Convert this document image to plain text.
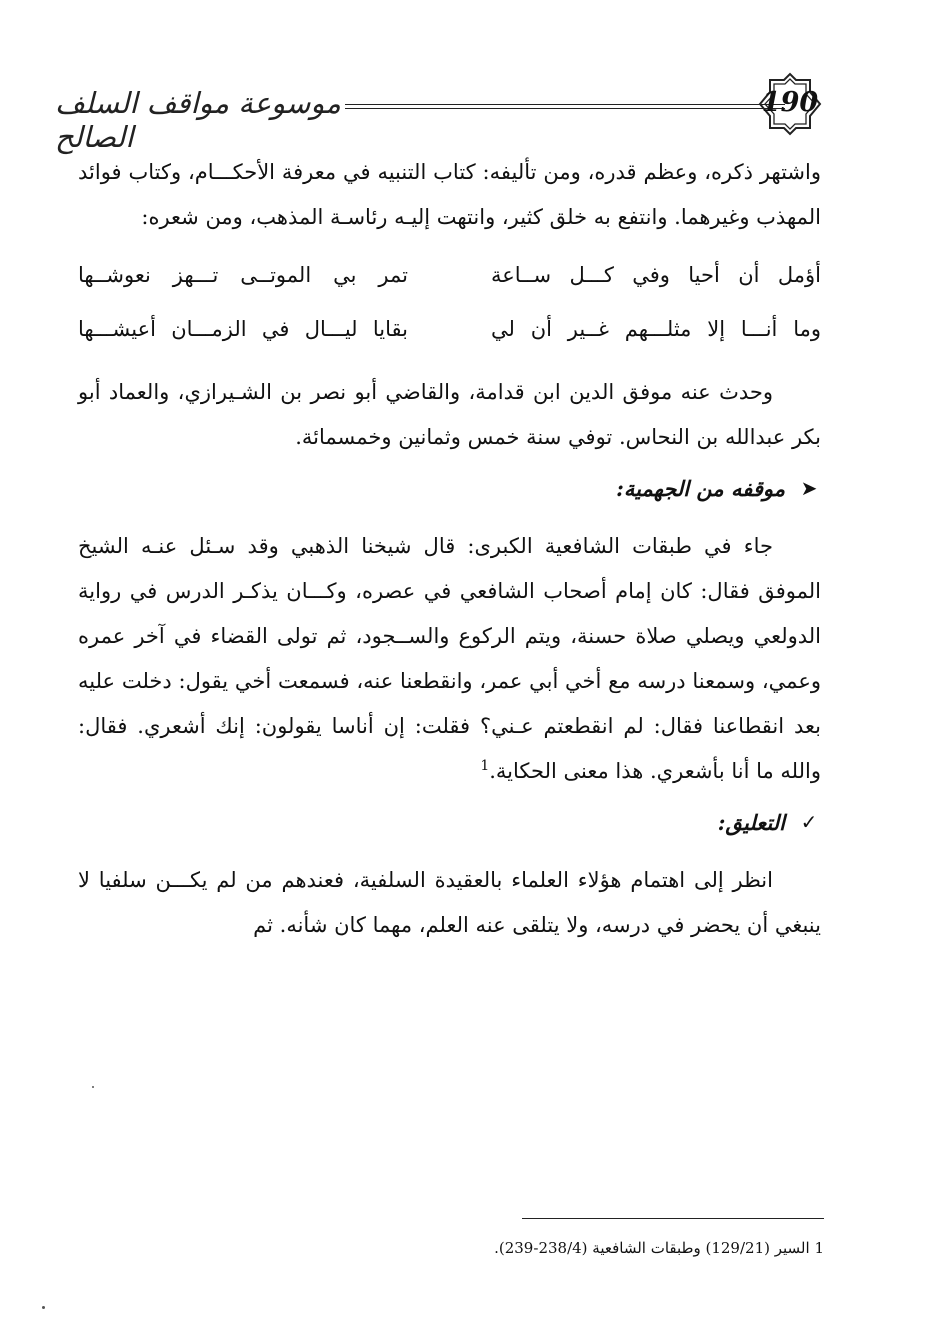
موسوعة مواقف السلف الصالح
190

واشتهر ذكره، وعظم قدره، ومن تأليفه: كتاب التنبيه في معرفة الأحكـــام، وكتاب فوائد المهذب وغيرهما. وانتفع به خلق كثير، وانتهت إليـه رئاسـة المذهب، ومن شعره:

أؤمل أن أحيا وفي كـــل ســاعة
تمر بي الموتــى تـــهز نعوشــها
وما أنـــا إلا مثلـــهم غــير أن لي
بقايا ليـــال في الزمـــان أعيشـــها

وحدث عنه موفق الدين ابن قدامة، والقاضي أبو نصر بن الشـيرازي، والعماد أبو بكر عبدالله بن النحاس. توفي سنة خمس وثمانين وخمسمائة.

➤
موقفه من الجهمية:

جاء في طبقات الشافعية الكبرى: قال شيخنا الذهبي وقد سـئل عنـه الشيخ الموفق فقال: كان إمام أصحاب الشافعي في عصره، وكـــان يذكـر الدرس في رواية الدولعي ويصلي صلاة حسنة، ويتم الركوع والســجود، ثم تولى القضاء في آخر عمره وعمي، وسمعنا درسه مع أخي أبي عمر، وانقطعنا عنه، فسمعت أخي يقول: دخلت عليه بعد انقطاعنا فقال: لم انقطعتم عـني؟ فقلت: إن أناسا يقولون: إنك أشعري. فقال: والله ما أنا بأشعري. هذا معنى الحكاية.$^1$

✓
التعليق:

انظر إلى اهتمام هؤلاء العلماء بالعقيدة السلفية، فعندهم من لم يكـــن سلفيا لا ينبغي أن يحضر في درسه، ولا يتلقى عنه العلم، مهما كان شأنه. ثم

1 السير (129/21) وطبقات الشافعية (238/4-239).
